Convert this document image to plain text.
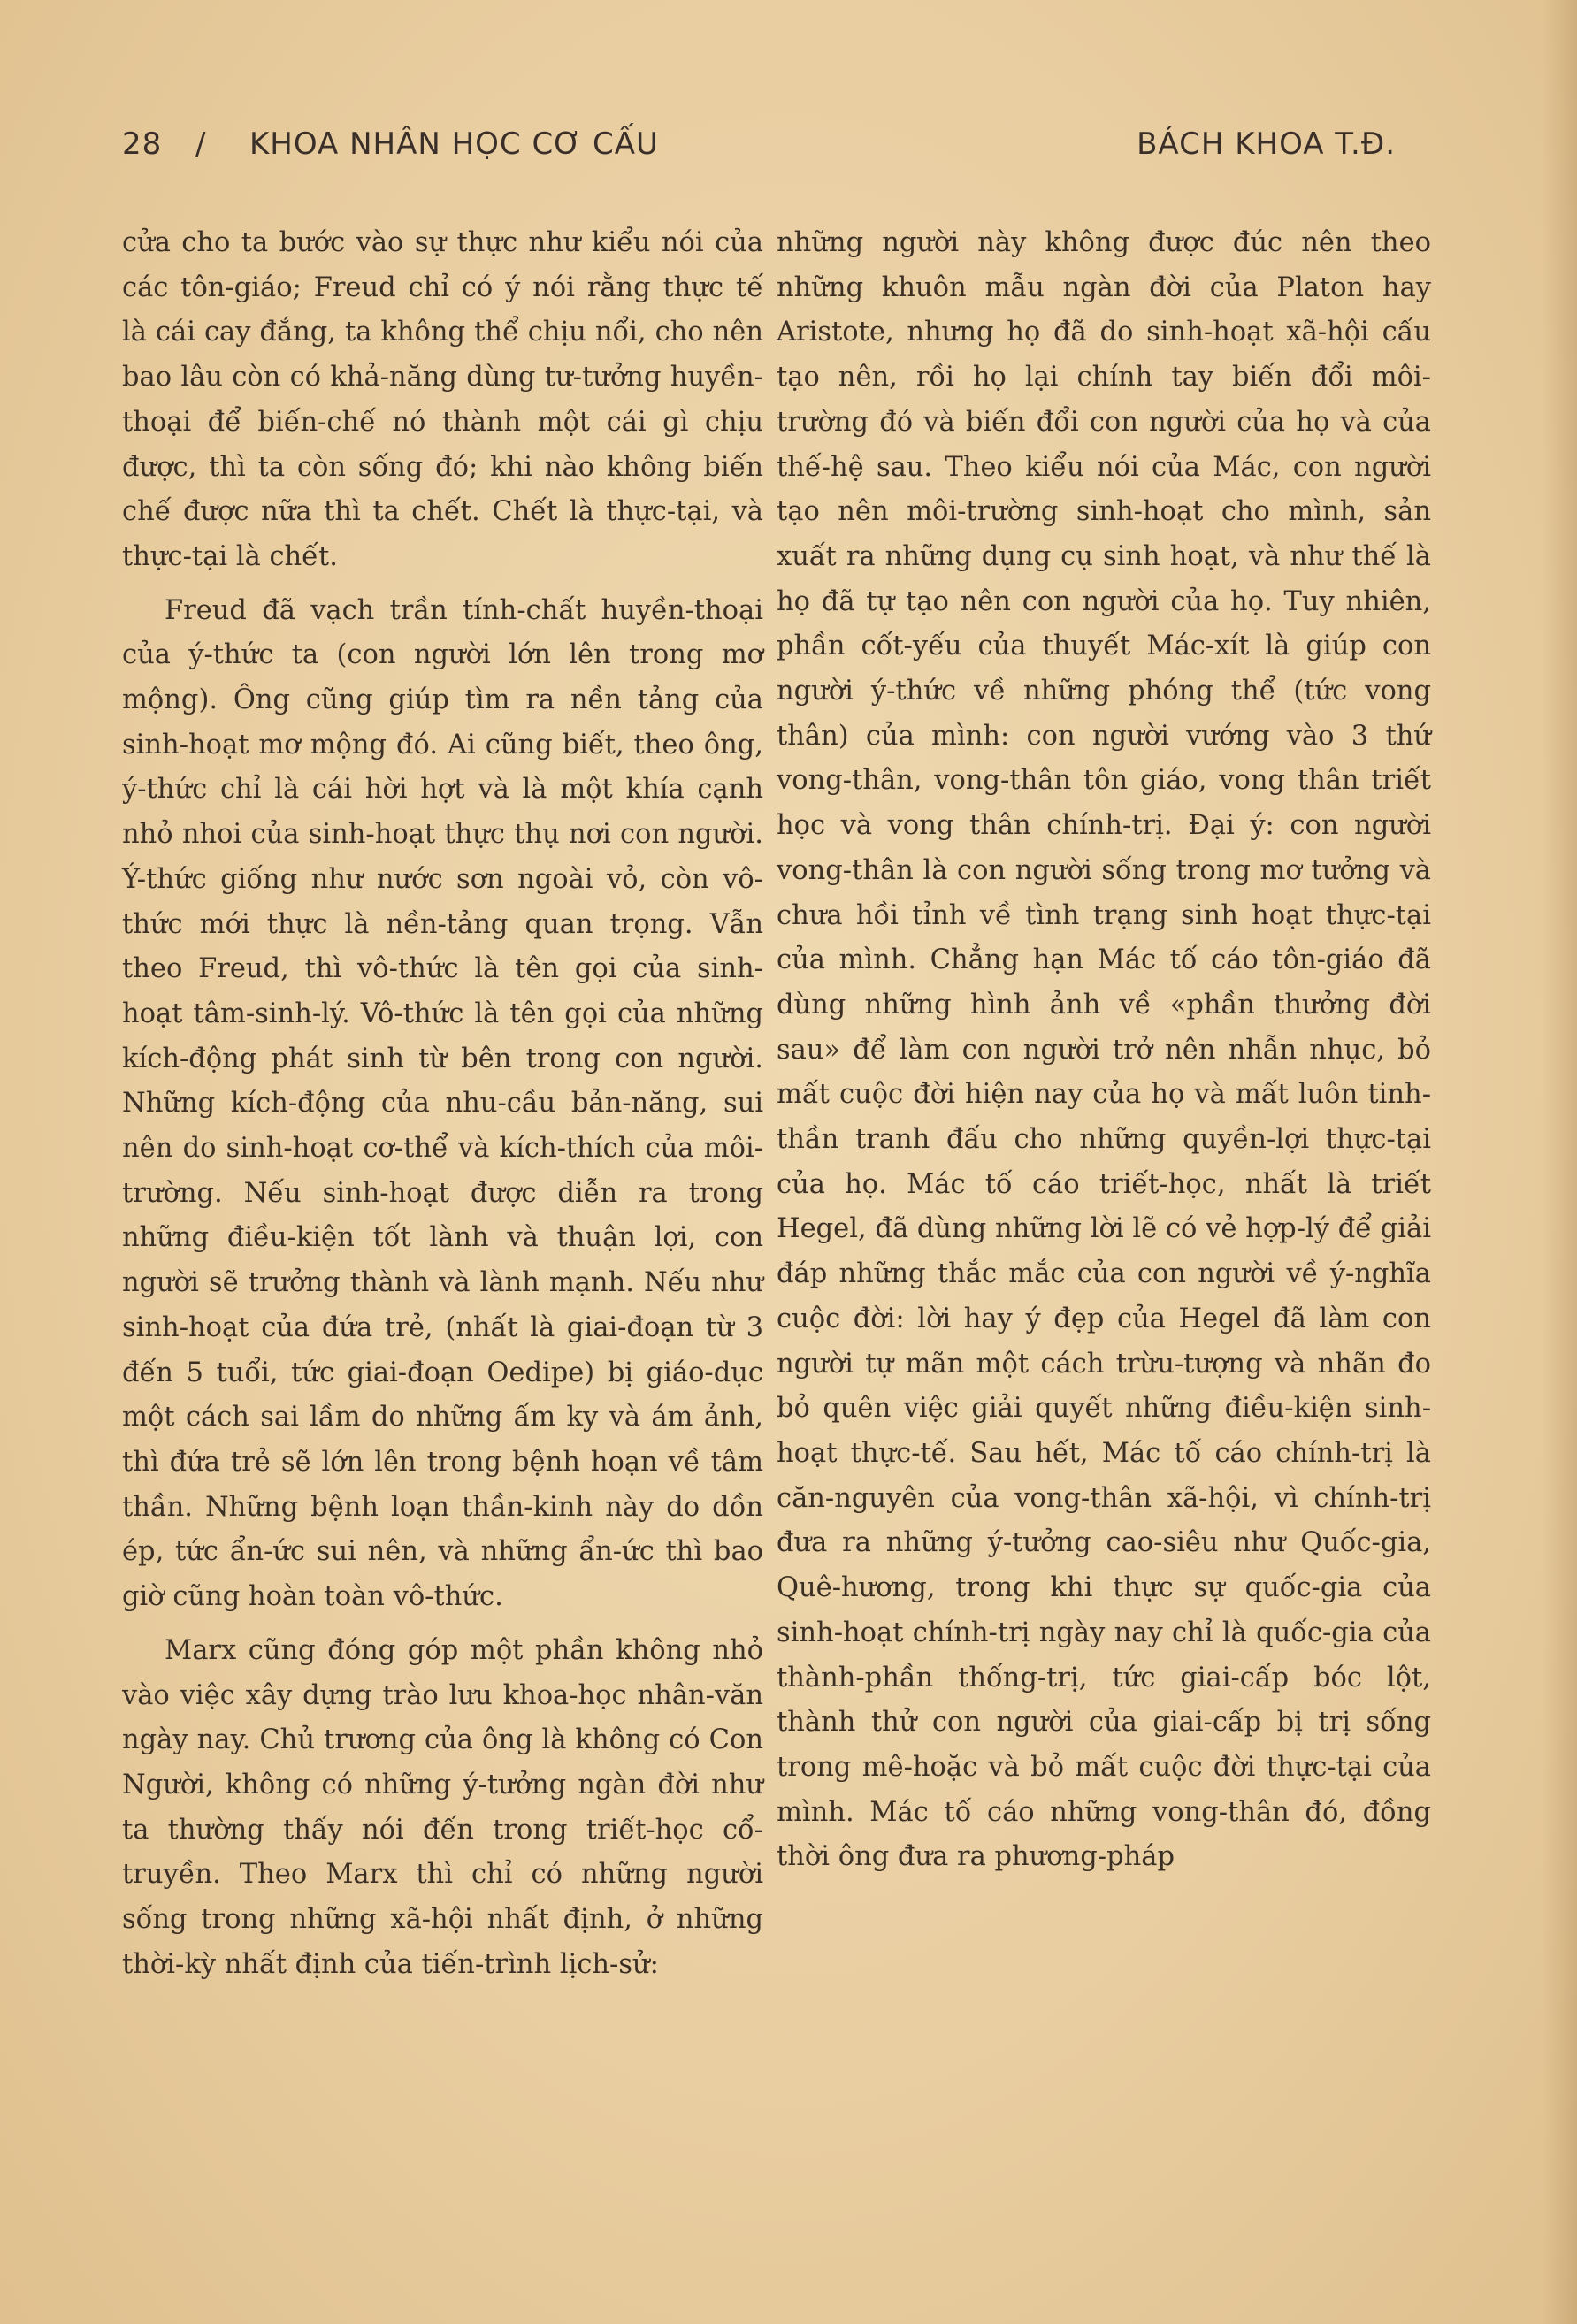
28 / KHOA NHÂN HỌC CƠ CẤU	BÁCH KHOA T.Đ.

cửa cho ta bước vào sự thực như kiểu nói của các tôn-giáo; Freud chỉ có ý nói rằng thực tế là cái cay đắng, ta không thể chịu nổi, cho nên bao lâu còn có khả-năng dùng tư-tưởng huyền-thoại để biến-chế nó thành một cái gì chịu được, thì ta còn sống đó; khi nào không biến chế được nữa thì ta chết. Chết là thực-tại, và thực-tại là chết.

Freud đã vạch trần tính-chất huyền-thoại của ý-thức ta (con người lớn lên trong mơ mộng). Ông cũng giúp tìm ra nền tảng của sinh-hoạt mơ mộng đó. Ai cũng biết, theo ông, ý-thức chỉ là cái hời hợt và là một khía cạnh nhỏ nhoi của sinh-hoạt thực thụ nơi con người. Ý-thức giống như nước sơn ngoài vỏ, còn vô-thức mới thực là nền-tảng quan trọng. Vẫn theo Freud, thì vô-thức là tên gọi của sinh-hoạt tâm-sinh-lý. Vô-thức là tên gọi của những kích-động phát sinh từ bên trong con người. Những kích-động của nhu-cầu bản-năng, sui nên do sinh-hoạt cơ-thể và kích-thích của môi-trường. Nếu sinh-hoạt được diễn ra trong những điều-kiện tốt lành và thuận lợi, con người sẽ trưởng thành và lành mạnh. Nếu như sinh-hoạt của đứa trẻ, (nhất là giai-đoạn từ 3 đến 5 tuổi, tức giai-đoạn Oedipe) bị giáo-dục một cách sai lầm do những ấm ky và ám ảnh, thì đứa trẻ sẽ lớn lên trong bệnh hoạn về tâm thần. Những bệnh loạn thần-kinh này do dồn ép, tức ẩn-ức sui nên, và những ẩn-ức thì bao giờ cũng hoàn toàn vô-thức.

Marx cũng đóng góp một phần không nhỏ vào việc xây dựng trào lưu khoa-học nhân-văn ngày nay. Chủ trương của ông là không có Con Người, không có những ý-tưởng ngàn đời như ta thường thấy nói đến trong triết-học cổ-truyền. Theo Marx thì chỉ có những người sống trong những xã-hội nhất định, ở những thời-kỳ nhất định của tiến-trình lịch-sử:

những người này không được đúc nên theo những khuôn mẫu ngàn đời của Platon hay Aristote, nhưng họ đã do sinh-hoạt xã-hội cấu tạo nên, rồi họ lại chính tay biến đổi môi-trường đó và biến đổi con người của họ và của thế-hệ sau. Theo kiểu nói của Mác, con người tạo nên môi-trường sinh-hoạt cho mình, sản xuất ra những dụng cụ sinh hoạt, và như thế là họ đã tự tạo nên con người của họ. Tuy nhiên, phần cốt-yếu của thuyết Mác-xít là giúp con người ý-thức về những phóng thể (tức vong thân) của mình: con người vướng vào 3 thứ vong-thân, vong-thân tôn giáo, vong thân triết học và vong thân chính-trị. Đại ý: con người vong-thân là con người sống trong mơ tưởng và chưa hồi tỉnh về tình trạng sinh hoạt thực-tại của mình. Chẳng hạn Mác tố cáo tôn-giáo đã dùng những hình ảnh về «phần thưởng đời sau» để làm con người trở nên nhẫn nhục, bỏ mất cuộc đời hiện nay của họ và mất luôn tinh-thần tranh đấu cho những quyền-lợi thực-tại của họ. Mác tố cáo triết-học, nhất là triết Hegel, đã dùng những lời lẽ có vẻ hợp-lý để giải đáp những thắc mắc của con người về ý-nghĩa cuộc đời: lời hay ý đẹp của Hegel đã làm con người tự mãn một cách trừu-tượng và nhãn đo bỏ quên việc giải quyết những điều-kiện sinh-hoạt thực-tế. Sau hết, Mác tố cáo chính-trị là căn-nguyên của vong-thân xã-hội, vì chính-trị đưa ra những ý-tưởng cao-siêu như Quốc-gia, Quê-hương, trong khi thực sự quốc-gia của sinh-hoạt chính-trị ngày nay chỉ là quốc-gia của thành-phần thống-trị, tức giai-cấp bóc lột, thành thử con người của giai-cấp bị trị sống trong mê-hoặc và bỏ mất cuộc đời thực-tại của mình. Mác tố cáo những vong-thân đó, đồng thời ông đưa ra phương-pháp
